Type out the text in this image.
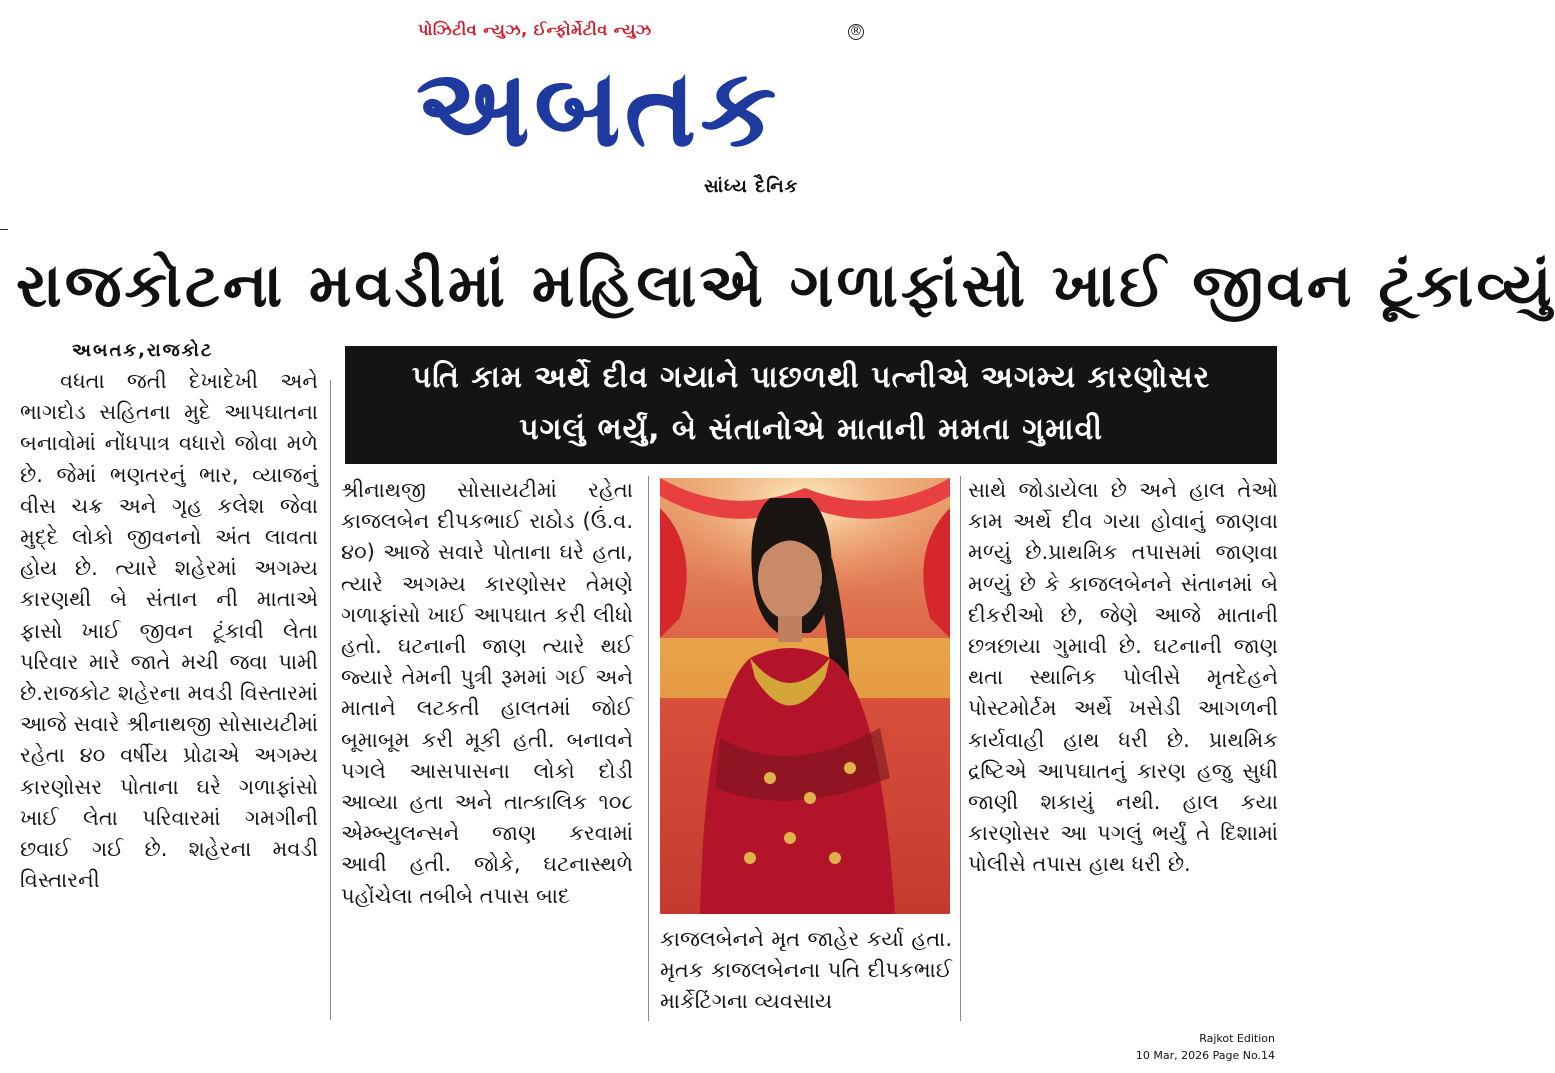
પોઝિટીવ ન્યુઝ, ઈન્ફોર્મેટીવ ન્યુઝ
અબતક
®
સાંધ્ય દૈનિક
રાજકોટના મવડીમાં મહિલાએ ગળાફાંસો ખાઈ જીવન ટૂંકાવ્યું
અબતક,રાજકોટ
પતિ કામ અર્થે દીવ ગયાને પાછળથી પત્નીએ અગમ્ય કારણોસર
પગલું ભર્યું, બે સંતાનોએ માતાની મમતા ગુમાવી

વધતા જતી દેખાદેખી અને ભાગદોડ સહિતના મુદે આપઘાતના બનાવોમાં નોંધપાત્ર વધારો જોવા મળે છે. જેમાં ભણતરનું ભાર, વ્યાજનું વીસ ચક્ર અને ગૃહ કલેશ જેવા મુદ્દે લોકો જીવનનો અંત લાવતા હોય છે. ત્યારે શહેરમાં અગમ્ય કારણથી બે સંતાન ની માતાએ ફાસો ખાઈ જીવન ટૂંકાવી લેતા પરિવાર મારે જાતે મચી જવા પામી છે.રાજકોટ શહેરના મવડી વિસ્તારમાં આજે સવારે શ્રીનાથજી સોસાયટીમાં રહેતા ૪૦ વર્ષીય પ્રોઢાએ અગમ્ય કારણોસર પોતાના ઘરે ગળાફાંસો ખાઈ લેતા પરિવારમાં ગમગીની છવાઈ ગઈ છે. શહેરના મવડી વિસ્તારની

શ્રીનાથજી સોસાયટીમાં રહેતા કાજલબેન દીપકભાઈ રાઠોડ (ઉં.વ. ૪૦) આજે સવારે પોતાના ઘરે હતા, ત્યારે અગમ્ય કારણોસર તેમણે ગળાફાંસો ખાઈ આપઘાત કરી લીધો હતો. ઘટનાની જાણ ત્યારે થઈ જ્યારે તેમની પુત્રી રૂમમાં ગઈ અને માતાને લટકતી હાલતમાં જોઈ બૂમાબૂમ કરી મૂકી હતી. બનાવને પગલે આસપાસના લોકો દોડી આવ્યા હતા અને તાત્કાલિક ૧૦૮ એમ્બ્યુલન્સને જાણ કરવામાં આવી હતી. જોકે, ઘટનાસ્થળે પહોંચેલા તબીબે તપાસ બાદ

કાજલબેનને મૃત જાહેર કર્યા હતા. મૃતક કાજલબેનના પતિ દીપકભાઈ માર્કેટિંગના વ્યવસાય

સાથે જોડાયેલા છે અને હાલ તેઓ કામ અર્થે દીવ ગયા હોવાનું જાણવા મળ્યું છે.પ્રાથમિક તપાસમાં જાણવા મળ્યું છે કે કાજલબેનને સંતાનમાં બે દીકરીઓ છે, જેણે આજે માતાની છત્રછાયા ગુમાવી છે. ઘટનાની જાણ થતા સ્થાનિક પોલીસે મૃતદેહને પોસ્ટમોર્ટમ અર્થે ખસેડી આગળની કાર્યવાહી હાથ ધરી છે. પ્રાથમિક દ્રષ્ટિએ આપઘાતનું કારણ હજુ સુધી જાણી શકાયું નથી. હાલ કયા કારણોસર આ પગલું ભર્યું તે દિશામાં પોલીસે તપાસ હાથ ધરી છે.

Rajkot Edition
10 Mar, 2026 Page No.14
